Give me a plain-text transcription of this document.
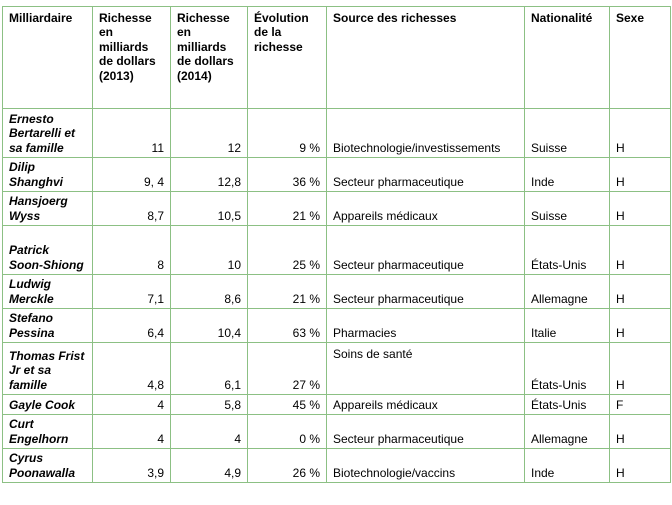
Milliardaire	Richesse en milliards de dollars (2013)	Richesse en milliards de dollars (2014)	Évolution de la richesse	Source des richesses	Nationalité	Sexe
Ernesto Bertarelli et sa famille	11	12	9 %	Biotechnologie/investissements	Suisse	H
Dilip Shanghvi	9, 4	12,8	36 %	Secteur pharmaceutique	Inde	H
Hansjoerg Wyss	8,7	10,5	21 %	Appareils médicaux	Suisse	H
Patrick Soon-Shiong	8	10	25 %	Secteur pharmaceutique	États-Unis	H
Ludwig Merckle	7,1	8,6	21 %	Secteur pharmaceutique	Allemagne	H
Stefano Pessina	6,4	10,4	63 %	Pharmacies	Italie	H
Thomas Frist Jr et sa famille	4,8	6,1	27 %	Soins de santé	États-Unis	H
Gayle Cook	4	5,8	45 %	Appareils médicaux	États-Unis	F
Curt Engelhorn	4	4	0 %	Secteur pharmaceutique	Allemagne	H
Cyrus Poonawalla	3,9	4,9	26 %	Biotechnologie/vaccins	Inde	H
